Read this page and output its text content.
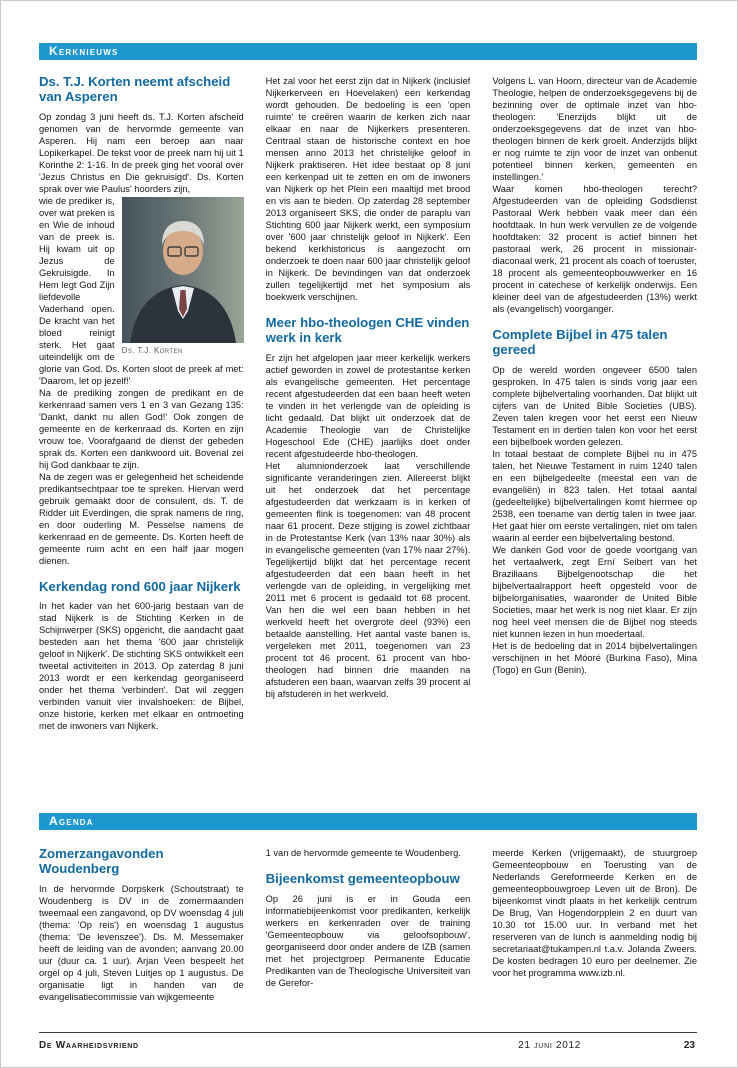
Kerknieuws
Ds. T.J. Korten neemt afscheid van Asperen

Op zondag 3 juni heeft ds. T.J. Korten afscheid genomen van de hervormde gemeente van Asperen. Hij nam een beroep aan naar Lopikerkapel. De tekst voor de preek nam hij uit 1 Korinthe 2: 1-16. In de preek ging het vooral over 'Jezus Christus en Die gekruisigd'. Ds. Korten sprak over wie Paulus' hoorders zijn,

Ds. T.J. Korten

wie de prediker is, over wat preken is en Wie de inhoud van de preek is. Hij kwam uit op Jezus de Gekruisigde. In Hem legt God Zijn liefdevolle Vaderhand open. De kracht van het bloed reinigt sterk. Het gaat uiteindelijk om de glorie van God. Ds. Korten sloot de preek af met: 'Daarom, let op jezelf!'

Na de prediking zongen de predikant en de kerkenraad samen vers 1 en 3 van Gezang 135: 'Dankt, dankt nu allen God!' Ook zongen de gemeente en de kerkenraad ds. Korten en zijn vrouw toe. Voorafgaand de dienst der gebeden sprak ds. Korten een dankwoord uit. Bovenal zei hij God dankbaar te zijn.

Na de zegen was er gelegenheid het scheidende predikantsechtpaar toe te spreken. Hiervan werd gebruik gemaakt door de consulent, ds. T. de Ridder uit Everdingen, die sprak namens de ring, en door ouderling M. Pesselse namens de kerkenraad en de gemeente. Ds. Korten heeft de gemeente ruim acht en een half jaar mogen dienen.

Kerkendag rond 600 jaar Nijkerk

In het kader van het 600-jarig bestaan van de stad Nijkerk is de Stichting Kerken in de Schijnwerper (SKS) opgericht, die aandacht gaat besteden aan het thema '600 jaar christelijk geloof in Nijkerk'. De stichting SKS ontwikkelt een tweetal activiteiten in 2013. Op zaterdag 8 juni 2013 wordt er een kerkendag georganiseerd onder het thema 'verbinden'. Dat wil zeggen verbinden vanuit vier invalshoeken: de Bijbel, onze historie, kerken met elkaar en ontmoeting met de inwoners van Nijkerk.

Het zal voor het eerst zijn dat in Nijkerk (inclusief Nijkerkerveen en Hoevelaken) een kerkendag wordt gehouden. De bedoeling is een 'open ruimte' te creëren waarin de kerken zich naar elkaar en naar de Nijkerkers presenteren. Centraal staan de historische context en hoe mensen anno 2013 het christelijke geloof in Nijkerk praktiseren. Het idee bestaat op 8 juni een kerkenpad uit te zetten en om de inwoners van Nijkerk op het Plein een maaltijd met brood en vis aan te bieden. Op zaterdag 28 september 2013 organiseert SKS, die onder de paraplu van Stichting 600 jaar Nijkerk werkt, een symposium over '600 jaar christelijk geloof in Nijkerk'. Een bekend kerkhistoricus is aangezocht om onderzoek te doen naar 600 jaar christelijk geloof in Nijkerk. De bevindingen van dat onderzoek zullen tegelijkertijd met het symposium als boekwerk verschijnen.

Meer hbo-theologen CHE vinden werk in kerk

Er zijn het afgelopen jaar meer kerkelijk werkers actief geworden in zowel de protestantse kerken als evangelische gemeenten. Het percentage recent afgestudeerden dat een baan heeft weten te vinden in het verlengde van de opleiding is licht gedaald. Dat blijkt uit onderzoek dat de Academie Theologie van de Christelijke Hogeschool Ede (CHE) jaarlijks doet onder recent afgestudeerde hbo-theologen.

Het alumnionderzoek laat verschillende significante veranderingen zien. Allereerst blijkt uit het onderzoek dat het percentage afgestudeerden dat werkzaam is in kerken of gemeenten flink is toegenomen: van 48 procent naar 61 procent. Deze stijging is zowel zichtbaar in de Protestantse Kerk (van 13% naar 30%) als in evangelische gemeenten (van 17% naar 27%). Tegelijkertijd blijkt dat het percentage recent afgestudeerden dat een baan heeft in het verlengde van de opleiding, in vergelijking met 2011 met 6 procent is gedaald tot 68 procent. Van hen die wel een baan hebben in het werkveld heeft het overgrote deel (93%) een betaalde aanstelling. Het aantal vaste banen is, vergeleken met 2011, toegenomen van 23 procent tot 46 procent. 61 procent van hbo-theologen had binnen drie maanden na afstuderen een baan, waarvan zelfs 39 procent al bij afstuderen in het werkveld.

Volgens L. van Hoorn, directeur van de Academie Theologie, helpen de onderzoeksgegevens bij de bezinning over de optimale inzet van hbo-theologen: 'Enerzijds blijkt uit de onderzoeksgegevens dat de inzet van hbo-theologen binnen de kerk groeit. Anderzijds blijkt er nog ruimte te zijn voor de inzet van onbenut potentieel binnen kerken, gemeenten en instellingen.'

Waar komen hbo-theologen terecht? Afgestudeerden van de opleiding Godsdienst Pastoraal Werk hebben vaak meer dan één hoofdtaak. In hun werk vervullen ze de volgende hoofdtaken: 32 procent is actief binnen het pastoraal werk, 26 procent in missionair-diaconaal werk, 21 procent als coach of toeruster, 18 procent als gemeenteopbouwwerker en 16 procent in catechese of kerkelijk onderwijs. Een kleiner deel van de afgestudeerden (13%) werkt als (evangelisch) voorganger.

Complete Bijbel in 475 talen gereed

Op de wereld worden ongeveer 6500 talen gesproken. In 475 talen is sinds vorig jaar een complete bijbelvertaling voorhanden. Dat blijkt uit cijfers van de United Bible Societies (UBS). Zeven talen kregen voor het eerst een Nieuw Testament en in dertien talen kon voor het eerst een bijbelboek worden gelezen.

In totaal bestaat de complete Bijbel nu in 475 talen, het Nieuwe Testament in ruim 1240 talen en een bijbelgedeelte (meestal een van de evangeliën) in 823 talen. Het totaal aantal (gedeeltelijke) bijbelvertalingen komt hiermee op 2538, een toename van dertig talen in twee jaar. Het gaat hier om eerste vertalingen, niet om talen waarin al eerder een bijbelvertaling bestond.

We danken God voor de goede voortgang van het vertaalwerk, zegt Erní Seibert van het Braziliaans Bijbelgenootschap die het bijbelvertaalrapport heeft opgesteld voor de bijbelorganisaties, waaronder de United Bible Societies, maar het werk is nog niet klaar. Er zijn nog heel veel mensen die de Bijbel nog steeds niet kunnen lezen in hun moedertaal.

Het is de bedoeling dat in 2014 bijbelvertalingen verschijnen in het Móoré (Burkina Faso), Mina (Togo) en Gun (Benin).

Agenda
Zomerzangavonden Woudenberg

In de hervormde Dorpskerk (Schoutstraat) te Woudenberg is DV in de zomermaanden tweemaal een zangavond, op DV woensdag 4 juli (thema: 'Op reis') en woensdag 1 augustus (thema: 'De levenszee'). Ds. M. Messemaker heeft de leiding van de avonden; aanvang 20.00 uur (duur ca. 1 uur). Arjan Veen bespeelt het orgel op 4 juli, Steven Luitjes op 1 augustus. De organisatie ligt in handen van de evangelisatiecommissie van wijkgemeente

1 van de hervormde gemeente te Woudenberg.

Bijeenkomst gemeenteopbouw

Op 26 juni is er in Gouda een informatiebijeenkomst voor predikanten, kerkelijk werkers en kerkenraden over de training 'Gemeenteopbouw via geloofsopbouw', georganiseerd door onder andere de IZB (samen met het projectgroep Permanente Educatie Predikanten van de Theologische Universiteit van de Gerefor-

meerde Kerken (vrijgemaakt), de stuurgroep Gemeenteopbouw en Toerusting van de Nederlands Gereformeerde Kerken en de gemeenteopbouwgroep Leven uit de Bron). De bijeenkomst vindt plaats in het kerkelijk centrum De Brug, Van Hogendorpplein 2 en duurt van 10.30 tot 15.00 uur. In verband met het reserveren van de lunch is aanmelding nodig bij secretariaat@tukampen.nl t.a.v. Jolanda Zweers. De kosten bedragen 10 euro per deelnemer. Zie voor het programma www.izb.nl.

De Waarheidsvriend	21 juni 2012	23
